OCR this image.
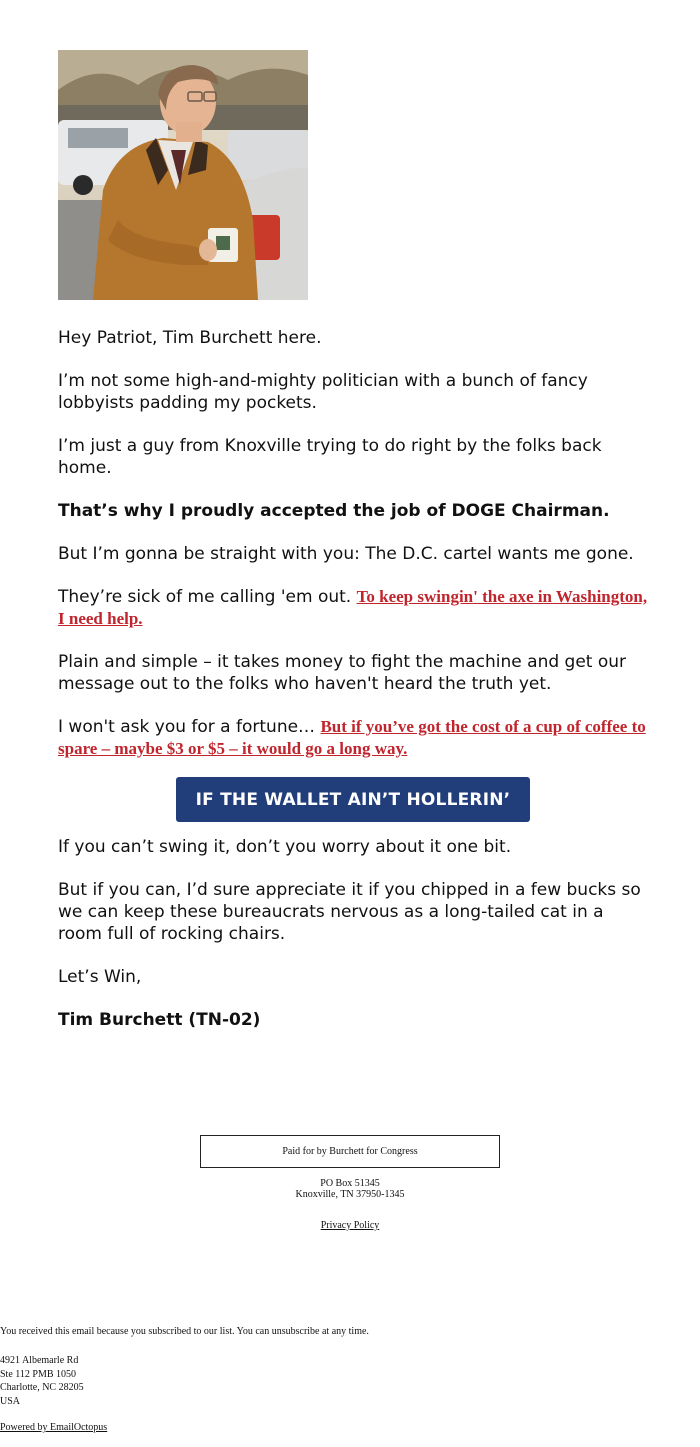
Hey Patriot, Tim Burchett here.

I’m not some high-and-mighty politician with a bunch of fancy lobbyists padding my pockets.

I’m just a guy from Knoxville trying to do right by the folks back home.

That’s why I proudly accepted the job of DOGE Chairman.

But I’m gonna be straight with you: The D.C. cartel wants me gone.

They’re sick of me calling 'em out. To keep swingin' the axe in Washington, I need help.

Plain and simple – it takes money to fight the machine and get our message out to the folks who haven't heard the truth yet.

I won't ask you for a fortune… But if you’ve got the cost of a cup of coffee to spare – maybe $3 or $5 – it would go a long way.

IF THE WALLET AIN’T HOLLERIN’

If you can’t swing it, don’t you worry about it one bit.

But if you can, I’d sure appreciate it if you chipped in a few bucks so we can keep these bureaucrats nervous as a long-tailed cat in a room full of rocking chairs.

Let’s Win,

Tim Burchett (TN-02)

Paid for by Burchett for Congress
PO Box 51345
Knoxville, TN 37950-1345
Privacy Policy
You received this email because you subscribed to our list. You can unsubscribe at any time.
4921 Albemarle Rd
Ste 112 PMB 1050
Charlotte, NC 28205
USA
Powered by EmailOctopus
